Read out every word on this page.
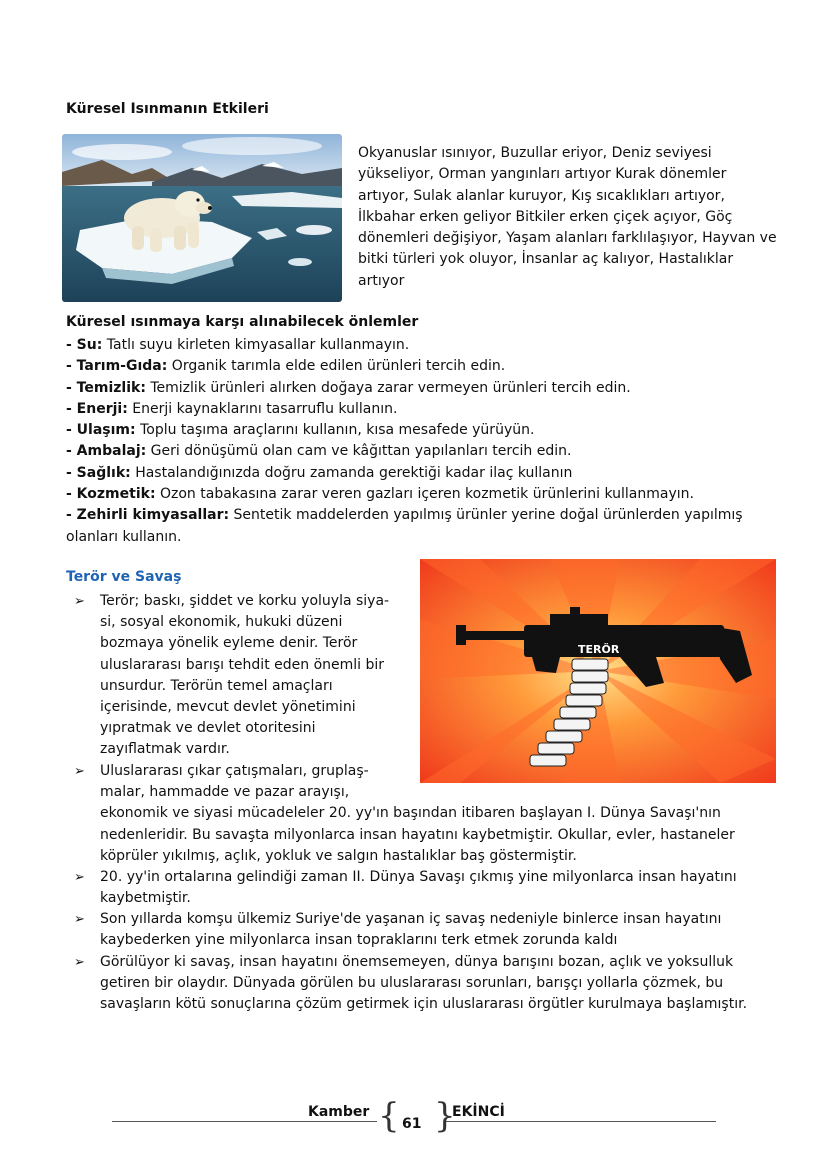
Küresel Isınmanın Etkileri
Okyanuslar ısınıyor, Buzullar eriyor, Deniz seviyesi yükseliyor, Orman yangınları artıyor Kurak dönemler artıyor, Sulak alanlar kuruyor, Kış sıcaklıkları artıyor, İlkbahar erken geliyor Bitkiler erken çiçek açıyor, Göç dönemleri değişiyor, Yaşam alanları farklılaşıyor, Hayvan ve bitki türleri yok oluyor, İnsanlar aç kalıyor, Hastalıklar artıyor
Küresel ısınmaya karşı alınabilecek önlemler
- Su: Tatlı suyu kirleten kimyasallar kullanmayın.
- Tarım-Gıda: Organik tarımla elde edilen ürünleri tercih edin.
- Temizlik: Temizlik ürünleri alırken doğaya zarar vermeyen ürünleri tercih edin.
- Enerji: Enerji kaynaklarını tasarruflu kullanın.
- Ulaşım: Toplu taşıma araçlarını kullanın, kısa mesafede yürüyün.
- Ambalaj: Geri dönüşümü olan cam ve kâğıttan yapılanları tercih edin.
- Sağlık: Hastalandığınızda doğru zamanda gerektiği kadar ilaç kullanın
- Kozmetik: Ozon tabakasına zarar veren gazları içeren kozmetik ürünlerini kullanmayın.
- Zehirli kimyasallar: Sentetik maddelerden yapılmış ürünler yerine doğal ürünlerden yapılmış olanları kullanın.
Terör ve Savaş
TERÖR
➢ Terör; baskı, şiddet ve korku yoluyla siya-
si, sosyal ekonomik, hukuki düzeni
bozmaya yönelik eyleme denir. Terör
uluslararası barışı tehdit eden önemli bir
unsurdur. Terörün temel amaçları
içerisinde, mevcut devlet yönetimini
yıpratmak ve devlet otoritesini
zayıflatmak vardır.
➢ Uluslararası çıkar çatışmaları, gruplaş-
malar, hammadde ve pazar arayışı,
ekonomik ve siyasi mücadeleler 20. yy'ın başından itibaren başlayan I. Dünya Savaşı'nın
nedenleridir. Bu savaşta milyonlarca insan hayatını kaybetmiştir. Okullar, evler, hastaneler
köprüler yıkılmış, açlık, yokluk ve salgın hastalıklar baş göstermiştir.
➢ 20. yy'in ortalarına gelindiği zaman II. Dünya Savaşı çıkmış yine milyonlarca insan hayatını
kaybetmiştir.
➢ Son yıllarda komşu ülkemiz Suriye'de yaşanan iç savaş nedeniyle binlerce insan hayatını
kaybederken yine milyonlarca insan topraklarını terk etmek zorunda kaldı
➢ Görülüyor ki savaş, insan hayatını önemsemeyen, dünya barışını bozan, açlık ve yoksulluk
getiren bir olaydır. Dünyada görülen bu uluslararası sorunları, barışçı yollarla çözmek, bu
savaşların kötü sonuçlarına çözüm getirmek için uluslararası örgütler kurulmaya başlamıştır.
Kamber { 61 }
EKİNCİ
